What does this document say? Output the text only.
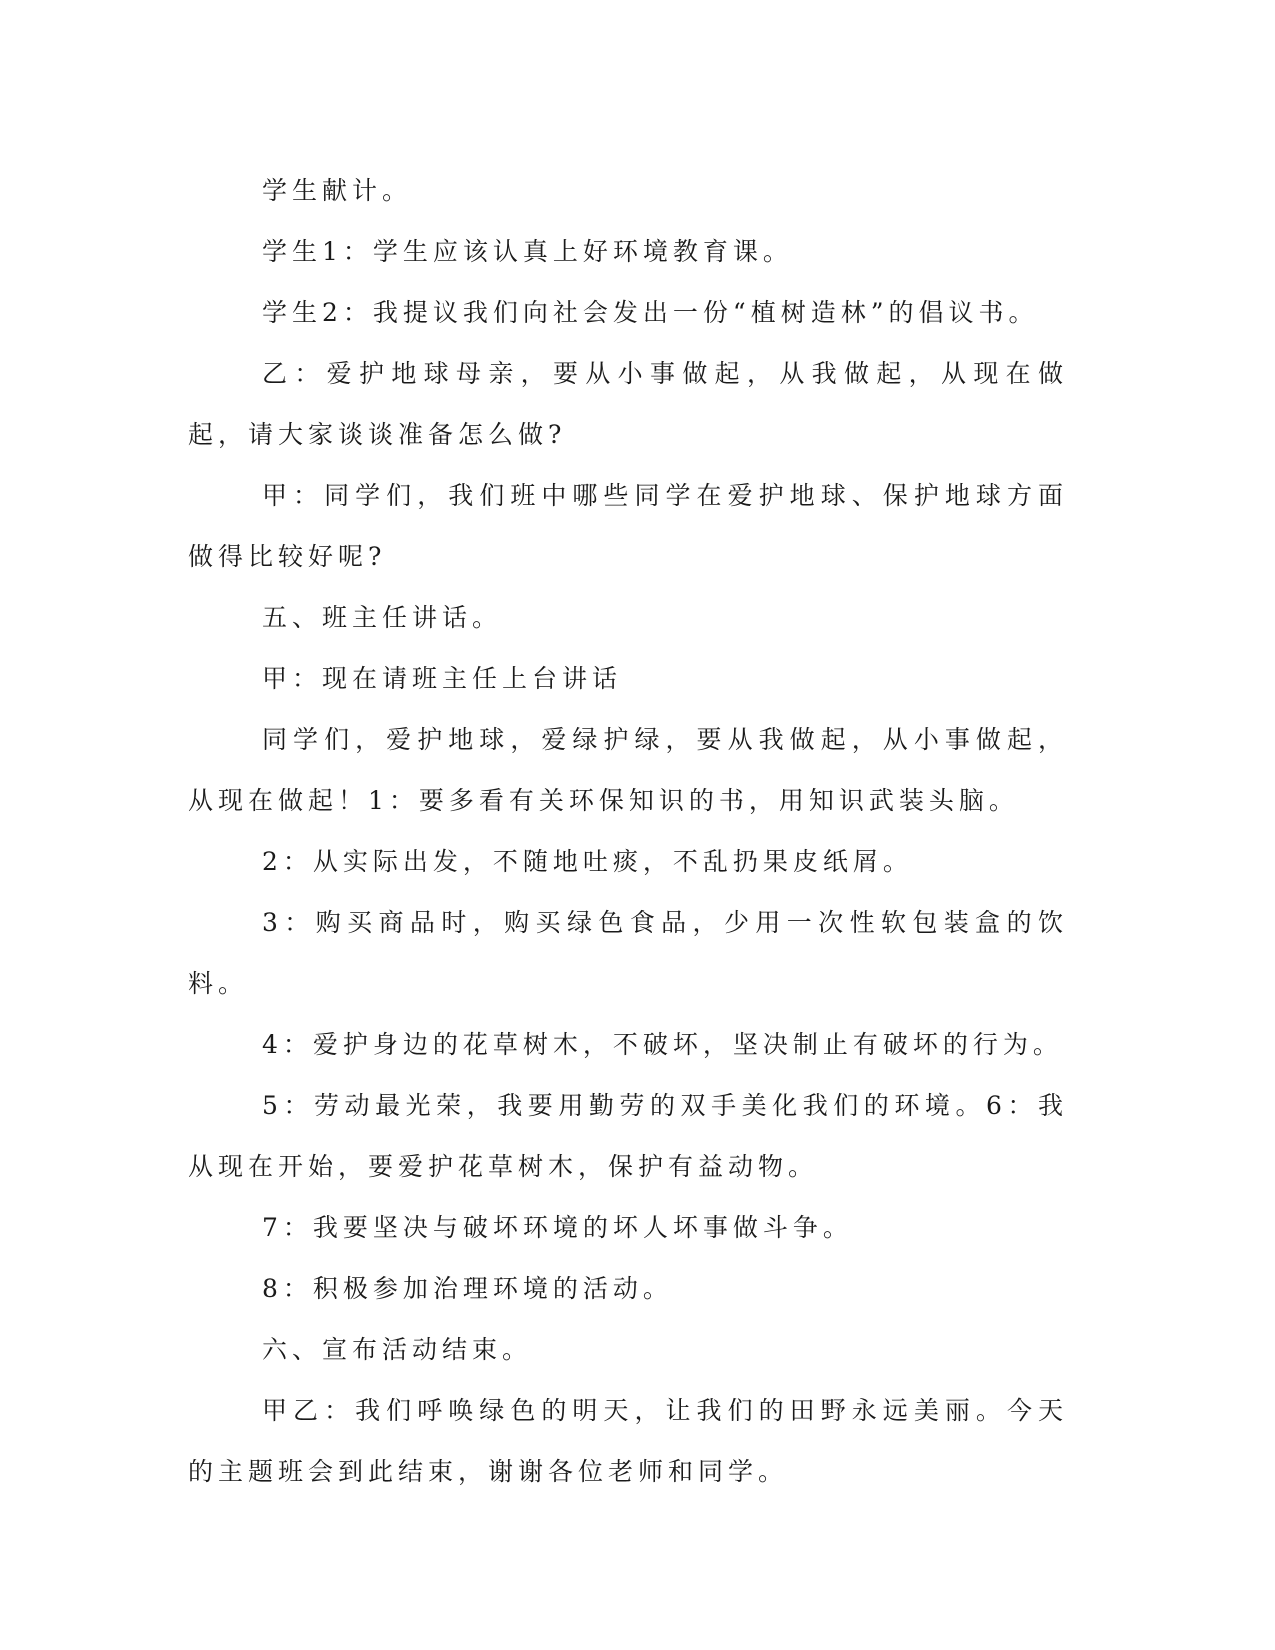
学生献计。

学生1：学生应该认真上好环境教育课。

学生2：我提议我们向社会发出一份“植树造林”的倡议书。

乙：爱护地球母亲，要从小事做起，从我做起，从现在做起，请大家谈谈准备怎么做?

甲：同学们，我们班中哪些同学在爱护地球、保护地球方面做得比较好呢?

五、班主任讲话。

甲：现在请班主任上台讲话

同学们，爱护地球，爱绿护绿，要从我做起，从小事做起，从现在做起！1：要多看有关环保知识的书，用知识武装头脑。

2：从实际出发，不随地吐痰，不乱扔果皮纸屑。

3：购买商品时，购买绿色食品，少用一次性软包装盒的饮料。

4：爱护身边的花草树木，不破坏，坚决制止有破坏的行为。

5：劳动最光荣，我要用勤劳的双手美化我们的环境。6：我从现在开始，要爱护花草树木，保护有益动物。

7：我要坚决与破坏环境的坏人坏事做斗争。

8：积极参加治理环境的活动。

六、宣布活动结束。

甲乙：我们呼唤绿色的明天，让我们的田野永远美丽。今天的主题班会到此结束，谢谢各位老师和同学。
